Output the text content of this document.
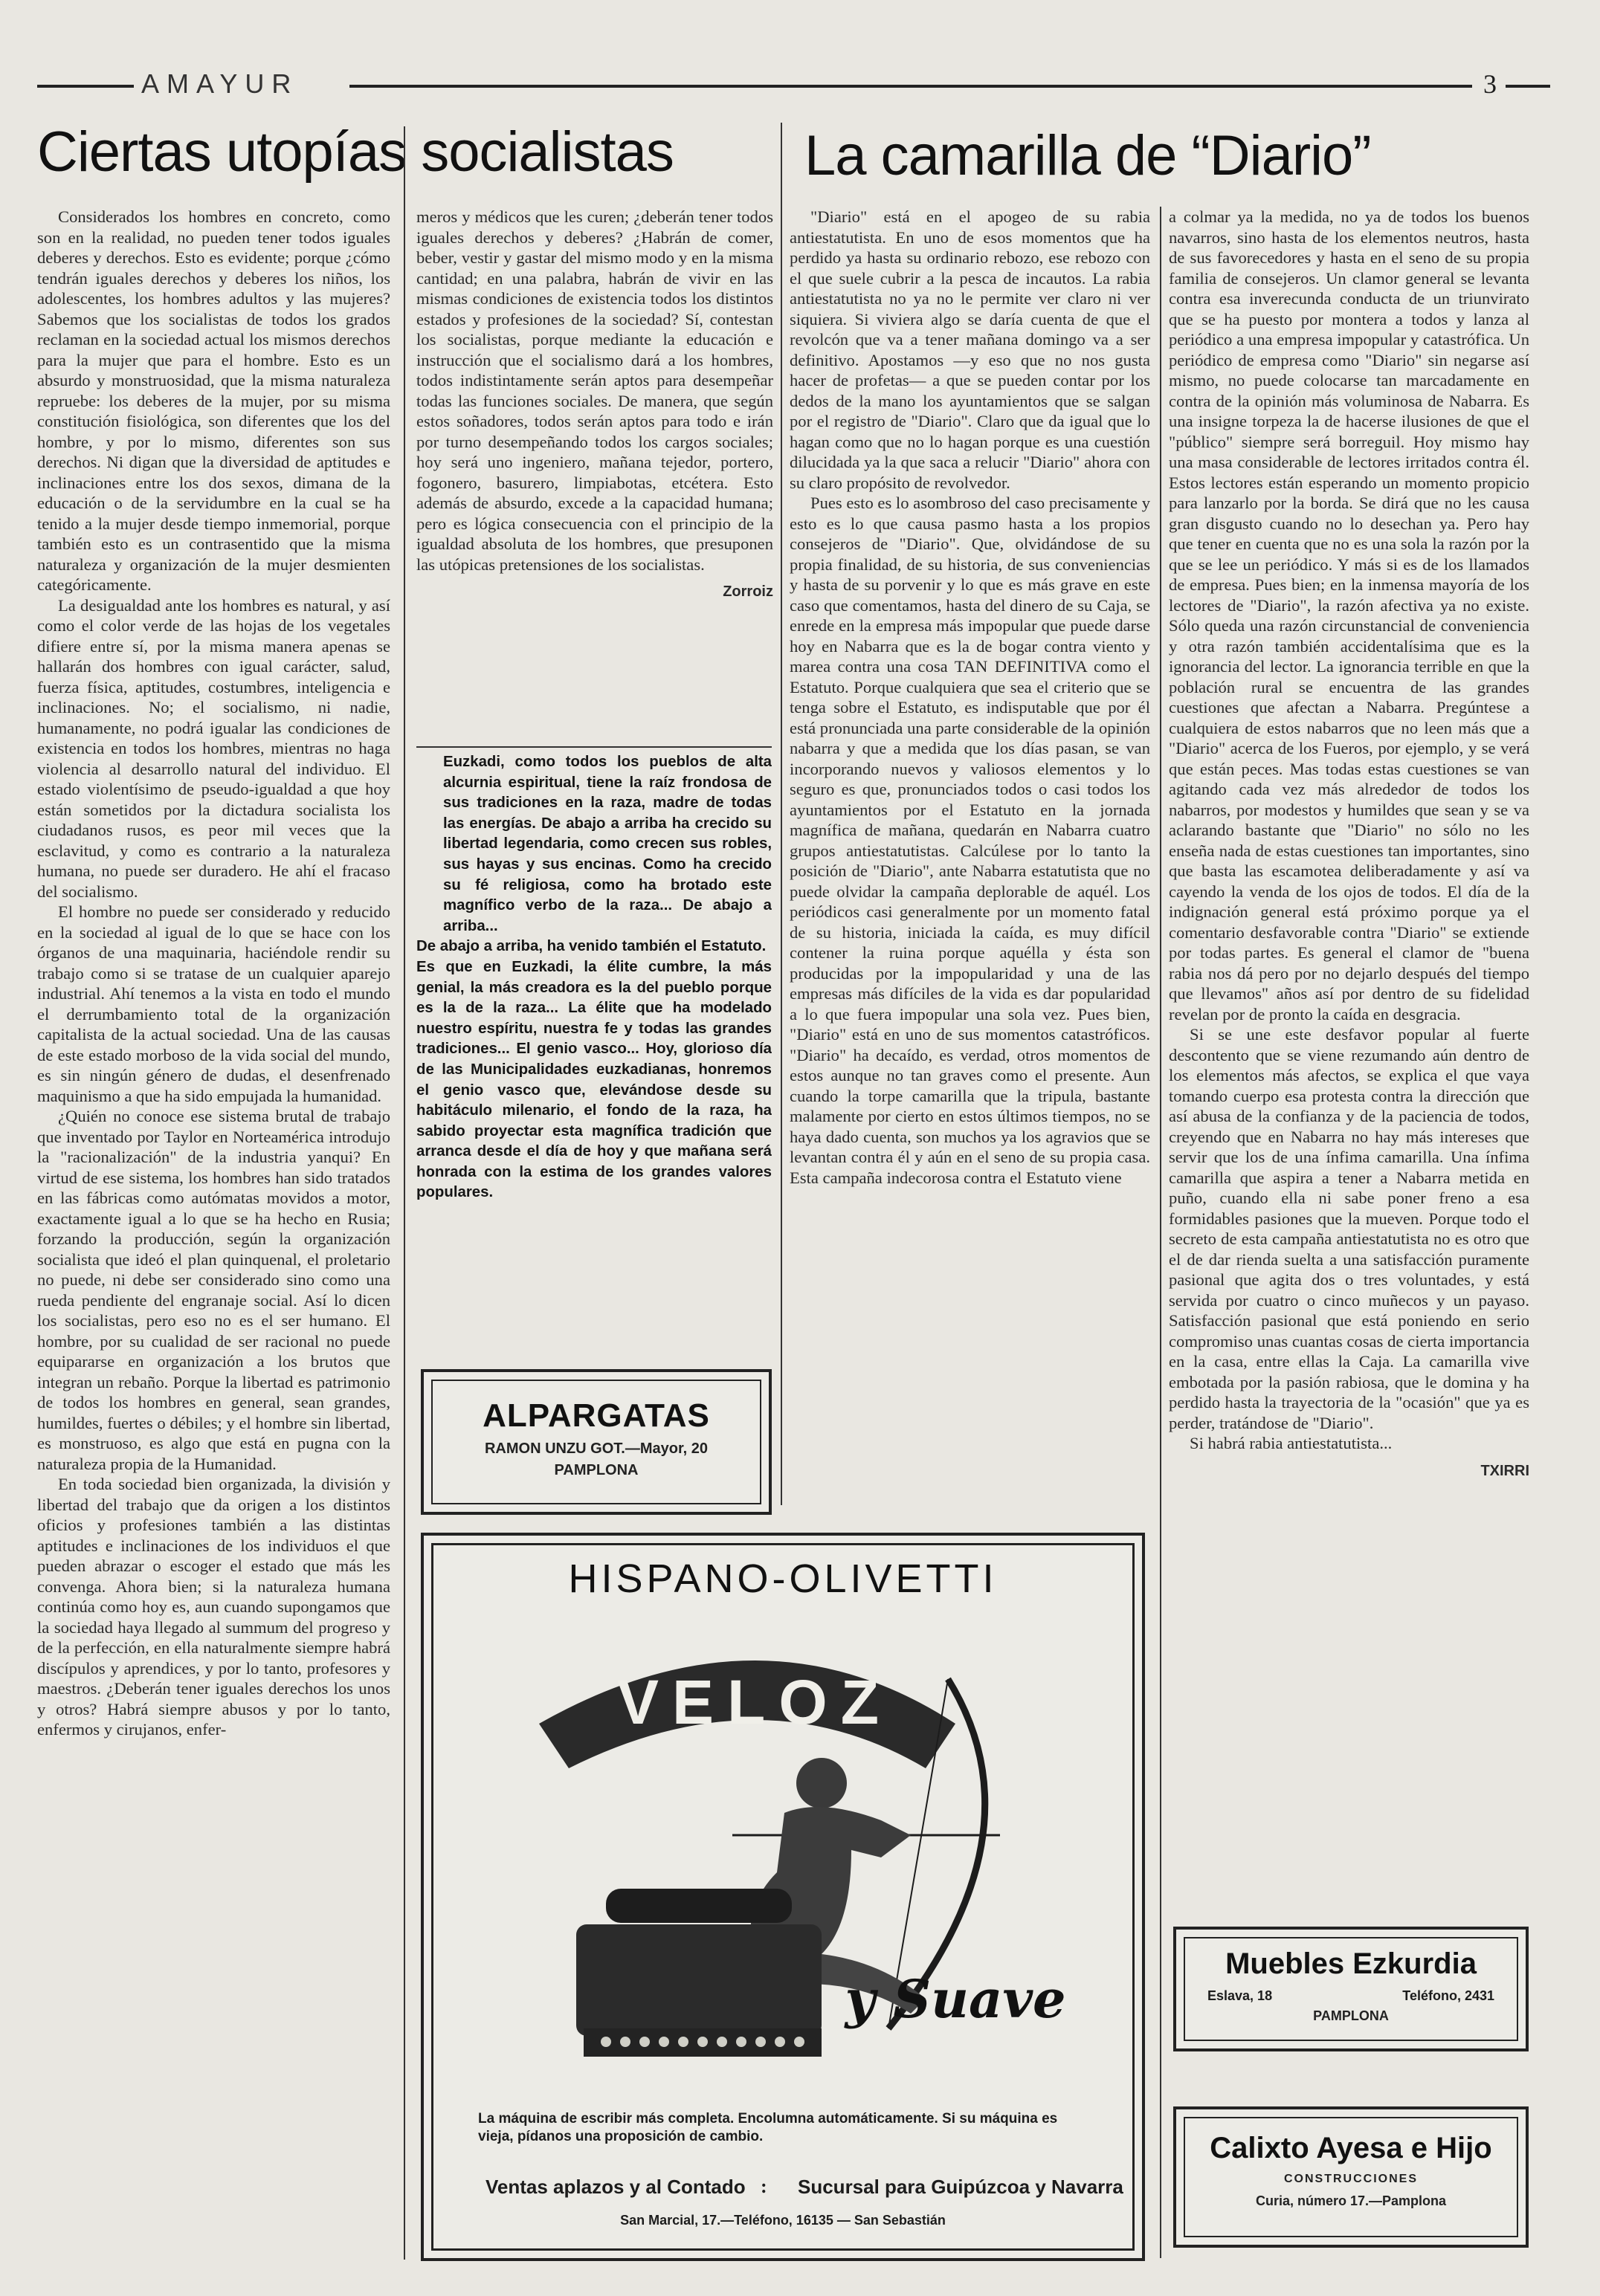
AMAYUR	3
Ciertas utopías socialistas La camarilla de “Diario”

Considerados los hombres en concreto, como son en la realidad, no pueden tener todos iguales deberes y derechos. Esto es evidente; porque ¿cómo tendrán iguales derechos y deberes los niños, los adolescentes, los hombres adultos y las mujeres? Sabemos que los socialistas de todos los grados reclaman en la sociedad actual los mismos derechos para la mujer que para el hombre. Esto es un absurdo y monstruosidad, que la misma naturaleza repruebe: los deberes de la mujer, por su misma constitución fisiológica, son diferentes que los del hombre, y por lo mismo, diferentes son sus derechos. Ni digan que la diversidad de aptitudes e inclinaciones entre los dos sexos, dimana de la educación o de la servidumbre en la cual se ha tenido a la mujer desde tiempo inmemorial, porque también esto es un contrasentido que la misma naturaleza y organización de la mujer desmienten categóricamente.

La desigualdad ante los hombres es natural, y así como el color verde de las hojas de los vegetales difiere entre sí, por la misma manera apenas se hallarán dos hombres con igual carácter, salud, fuerza física, aptitudes, costumbres, inteligencia e inclinaciones. No; el socialismo, ni nadie, humanamente, no podrá igualar las condiciones de existencia en todos los hombres, mientras no haga violencia al desarrollo natural del individuo. El estado violentísimo de pseudo-igualdad a que hoy están sometidos por la dictadura socialista los ciudadanos rusos, es peor mil veces que la esclavitud, y como es contrario a la naturaleza humana, no puede ser duradero. He ahí el fracaso del socialismo.

El hombre no puede ser considerado y reducido en la sociedad al igual de lo que se hace con los órganos de una maquinaria, haciéndole rendir su trabajo como si se tratase de un cualquier aparejo industrial. Ahí tenemos a la vista en todo el mundo el derrumbamiento total de la organización capitalista de la actual sociedad. Una de las causas de este estado morboso de la vida social del mundo, es sin ningún género de dudas, el desenfrenado maquinismo a que ha sido empujada la humanidad.

¿Quién no conoce ese sistema brutal de trabajo que inventado por Taylor en Norteamérica introdujo la "racionalización" de la industria yanqui? En virtud de ese sistema, los hombres han sido tratados en las fábricas como autómatas movidos a motor, exactamente igual a lo que se ha hecho en Rusia; forzando la producción, según la organización socialista que ideó el plan quinquenal, el proletario no puede, ni debe ser considerado sino como una rueda pendiente del engranaje social. Así lo dicen los socialistas, pero eso no es el ser humano. El hombre, por su cualidad de ser racional no puede equipararse en organización a los brutos que integran un rebaño. Porque la libertad es patrimonio de todos los hombres en general, sean grandes, humildes, fuertes o débiles; y el hombre sin libertad, es monstruoso, es algo que está en pugna con la naturaleza propia de la Humanidad.

En toda sociedad bien organizada, la división y libertad del trabajo que da origen a los distintos oficios y profesiones también a las distintas aptitudes e inclinaciones de los individuos el que pueden abrazar o escoger el estado que más les convenga. Ahora bien; si la naturaleza humana continúa como hoy es, aun cuando supongamos que la sociedad haya llegado al summum del progreso y de la perfección, en ella naturalmente siempre habrá discípulos y aprendices, y por lo tanto, profesores y maestros. ¿Deberán tener iguales derechos los unos y otros? Habrá siempre abusos y por lo tanto, enfermos y cirujanos, enfer-

meros y médicos que les curen; ¿deberán tener todos iguales derechos y deberes? ¿Habrán de comer, beber, vestir y gastar del mismo modo y en la misma cantidad; en una palabra, habrán de vivir en las mismas condiciones de existencia todos los distintos estados y profesiones de la sociedad? Sí, contestan los socialistas, porque mediante la educación e instrucción que el socialismo dará a los hombres, todos indistintamente serán aptos para desempeñar todas las funciones sociales. De manera, que según estos soñadores, todos serán aptos para todo e irán por turno desempeñando todos los cargos sociales; hoy será uno ingeniero, mañana tejedor, portero, fogonero, basurero, limpiabotas, etcétera. Esto además de absurdo, excede a la capacidad humana; pero es lógica consecuencia con el principio de la igualdad absoluta de los hombres, que presuponen las utópicas pretensiones de los socialistas.

Zorroiz

Euzkadi, como todos los pueblos de alta alcurnia espiritual, tiene la raíz frondosa de sus tradiciones en la raza, madre de todas las energías. De abajo a arriba ha crecido su libertad legendaria, como crecen sus robles, sus hayas y sus encinas. Como ha crecido su fé religiosa, como ha brotado este magnífico verbo de la raza... De abajo a arriba...

De abajo a arriba, ha venido también el Estatuto.

Es que en Euzkadi, la élite cumbre, la más genial, la más creadora es la del pueblo porque es la de la raza... La élite que ha modelado nuestro espíritu, nuestra fe y todas las grandes tradiciones... El genio vasco... Hoy, glorioso día de las Municipalidades euzkadianas, honremos el genio vasco que, elevándose desde su habitáculo milenario, el fondo de la raza, ha sabido proyectar esta magnífica tradición que arranca desde el día de hoy y que mañana será honrada con la estima de los grandes valores populares.

"Diario" está en el apogeo de su rabia antiestatutista. En uno de esos momentos que ha perdido ya hasta su ordinario rebozo, ese rebozo con el que suele cubrir a la pesca de incautos. La rabia antiestatutista no ya no le permite ver claro ni ver siquiera. Si viviera algo se daría cuenta de que el revolcón que va a tener mañana domingo va a ser definitivo. Apostamos —y eso que no nos gusta hacer de profetas— a que se pueden contar por los dedos de la mano los ayuntamientos que se salgan por el registro de "Diario". Claro que da igual que lo hagan como que no lo hagan porque es una cuestión dilucidada ya la que saca a relucir "Diario" ahora con su claro propósito de revolvedor.

Pues esto es lo asombroso del caso precisamente y esto es lo que causa pasmo hasta a los propios consejeros de "Diario". Que, olvidándose de su propia finalidad, de su historia, de sus conveniencias y hasta de su porvenir y lo que es más grave en este caso que comentamos, hasta del dinero de su Caja, se enrede en la empresa más impopular que puede darse hoy en Nabarra que es la de bogar contra viento y marea contra una cosa TAN DEFINITIVA como el Estatuto. Porque cualquiera que sea el criterio que se tenga sobre el Estatuto, es indisputable que por él está pronunciada una parte considerable de la opinión nabarra y que a medida que los días pasan, se van incorporando nuevos y valiosos elementos y lo seguro es que, pronunciados todos o casi todos los ayuntamientos por el Estatuto en la jornada magnífica de mañana, quedarán en Nabarra cuatro grupos antiestatutistas. Calcúlese por lo tanto la posición de "Diario", ante Nabarra estatutista que no puede olvidar la campaña deplorable de aquél. Los periódicos casi generalmente por un momento fatal de su historia, iniciada la caída, es muy difícil contener la ruina porque aquélla y ésta son producidas por la impopularidad y una de las empresas más difíciles de la vida es dar popularidad a lo que fuera impopular una sola vez. Pues bien, "Diario" está en uno de sus momentos catastróficos. "Diario" ha decaído, es verdad, otros momentos de estos aunque no tan graves como el presente. Aun cuando la torpe camarilla que la tripula, bastante malamente por cierto en estos últimos tiempos, no se haya dado cuenta, son muchos ya los agravios que se levantan contra él y aún en el seno de su propia casa. Esta campaña indecorosa contra el Estatuto viene

a colmar ya la medida, no ya de todos los buenos navarros, sino hasta de los elementos neutros, hasta de sus favorecedores y hasta en el seno de su propia familia de consejeros. Un clamor general se levanta contra esa inverecunda conducta de un triunvirato que se ha puesto por montera a todos y lanza al periódico a una empresa impopular y catastrófica. Un periódico de empresa como "Diario" sin negarse así mismo, no puede colocarse tan marcadamente en contra de la opinión más voluminosa de Nabarra. Es una insigne torpeza la de hacerse ilusiones de que el "público" siempre será borreguil. Hoy mismo hay una masa considerable de lectores irritados contra él. Estos lectores están esperando un momento propicio para lanzarlo por la borda. Se dirá que no les causa gran disgusto cuando no lo desechan ya. Pero hay que tener en cuenta que no es una sola la razón por la que se lee un periódico. Y más si es de los llamados de empresa. Pues bien; en la inmensa mayoría de los lectores de "Diario", la razón afectiva ya no existe. Sólo queda una razón circunstancial de conveniencia y otra razón también accidentalísima que es la ignorancia del lector. La ignorancia terrible en que la población rural se encuentra de las grandes cuestiones que afectan a Nabarra. Pregúntese a cualquiera de estos nabarros que no leen más que a "Diario" acerca de los Fueros, por ejemplo, y se verá que están peces. Mas todas estas cuestiones se van agitando cada vez más alrededor de todos los nabarros, por modestos y humildes que sean y se va aclarando bastante que "Diario" no sólo no les enseña nada de estas cuestiones tan importantes, sino que basta las escamotea deliberadamente y así va cayendo la venda de los ojos de todos. El día de la indignación general está próximo porque ya el comentario desfavorable contra "Diario" se extiende por todas partes. Es general el clamor de "buena rabia nos dá pero por no dejarlo después del tiempo que llevamos" años así por dentro de su fidelidad revelan por de pronto la caída en desgracia.

Si se une este desfavor popular al fuerte descontento que se viene rezumando aún dentro de los elementos más afectos, se explica el que vaya tomando cuerpo esa protesta contra la dirección que así abusa de la confianza y de la paciencia de todos, creyendo que en Nabarra no hay más intereses que servir que los de una ínfima camarilla. Una ínfima camarilla que aspira a tener a Nabarra metida en puño, cuando ella ni sabe poner freno a esa formidables pasiones que la mueven. Porque todo el secreto de esta campaña antiestatutista no es otro que el de dar rienda suelta a una satisfacción puramente pasional que agita dos o tres voluntades, y está servida por cuatro o cinco muñecos y un payaso. Satisfacción pasional que está poniendo en serio compromiso unas cuantas cosas de cierta importancia en la casa, entre ellas la Caja. La camarilla vive embotada por la pasión rabiosa, que le domina y ha perdido hasta la trayectoria de la "ocasión" que ya es perder, tratándose de "Diario".

Si habrá rabia antiestatutista...

TXIRRI
ALPARGATAS
RAMON UNZU GOT.—Mayor, 20
PAMPLONA
HISPANO-OLIVETTI
VELOZ
y Suave
La máquina de escribir más completa. Encolumna automáticamente. Si su máquina es vieja, pídanos una proposición de cambio.
Ventas aplazos y al Contado : Sucursal para Guipúzcoa y Navarra
San Marcial, 17.—Teléfono, 16135 — San Sebastián
Muebles Ezkurdia
Eslava, 18	Teléfono, 2431
PAMPLONA
Calixto Ayesa e Hijo
CONSTRUCCIONES
Curia, número 17.—Pamplona
